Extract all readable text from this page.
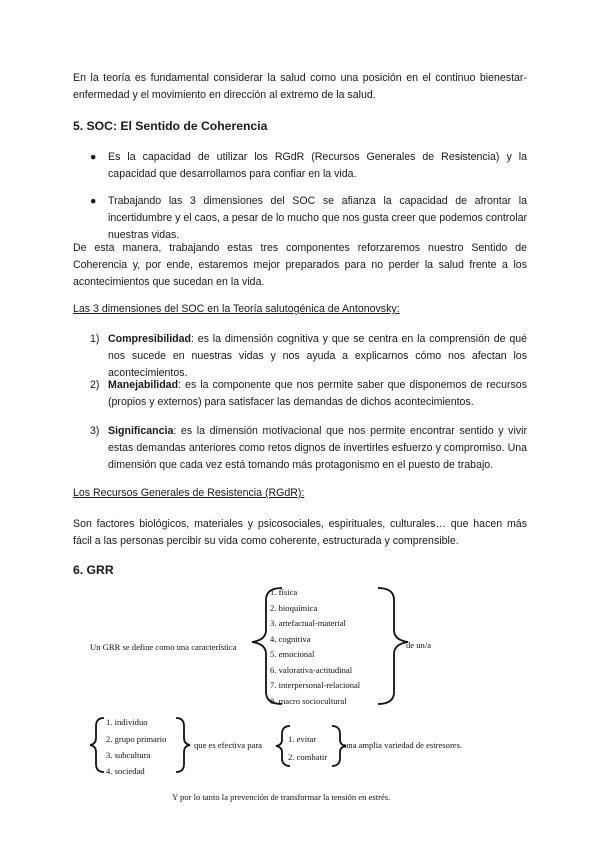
En la teoría es fundamental considerar la salud como una posición en el continuo bienestar-enfermedad y el movimiento en dirección al extremo de la salud.

5. SOC: El Sentido de Coherencia
● Es la capacidad de utilizar los RGdR (Recursos Generales de Resistencia) y la capacidad que desarrollamos para confiar en la vida.
● Trabajando las 3 dimensiones del SOC se afianza la capacidad de afrontar la incertidumbre y el caos, a pesar de lo mucho que nos gusta creer que podemos controlar nuestras vidas.

De esta manera, trabajando estas tres componentes reforzaremos nuestro Sentido de Coherencia y, por ende, estaremos mejor preparados para no perder la salud frente a los acontecimientos que sucedan en la vida.

Las 3 dimensiones del SOC en la Teoría salutogénica de Antonovsky:

1) Compresibilidad: es la dimensión cognitiva y que se centra en la comprensión de qué nos sucede en nuestras vidas y nos ayuda a explicarnos cómo nos afectan los acontecimientos.
2) Manejabilidad: es la componente que nos permite saber que disponemos de recursos (propios y externos) para satisfacer las demandas de dichos acontecimientos.
3) Significancia: es la dimensión motivacional que nos permite encontrar sentido y vivir estas demandas anteriores como retos dignos de invertirles esfuerzo y compromiso. Una dimensión que cada vez está tomando más protagonismo en el puesto de trabajo.

Los Recursos Generales de Resistencia (RGdR):

Son factores biológicos, materiales y psicosociales, espirituales, culturales… que hacen más fácil a las personas percibir su vida como coherente, estructurada y comprensible.

6. GRR
Un GRR se define como una característica
1. física
2. bioquímica
3. artefactual-material
4. cognitiva
5. emocional
6. valorativa-actitudinal
7. interpersonal-relacional
8. macro sociocultural
de un/a
1. individuo
2. grupo primario
3. subcultura
4. sociedad
que es efectiva para
1. evitar
2. combatir
una amplia variedad de estresores.
Y por lo tanto la prevención de transformar la tensión en estrés.
